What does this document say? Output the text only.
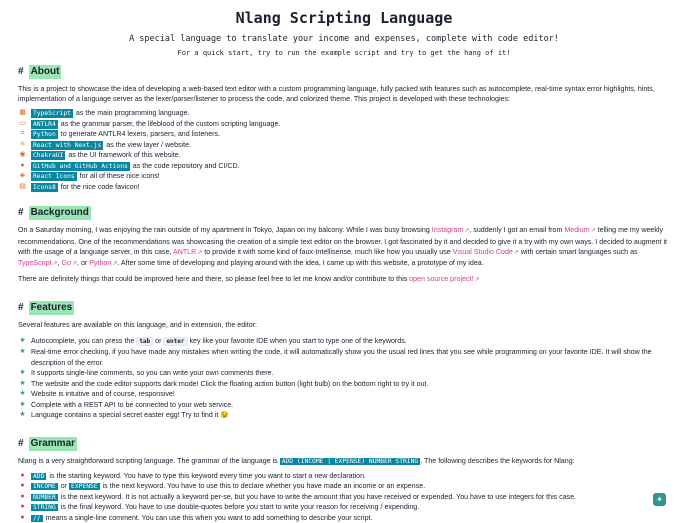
Nlang Scripting Language
A special language to translate your income and expenses, complete with code editor!
For a quick start, try to run the example script and try to get the hang of it!
# About

This is a project to showcase the idea of developing a web-based text editor with a custom programming language, fully packed with features such as autocomplete, real-time syntax error highlights, hints, implementation of a language server as the lexer/parser/listener to process the code, and colorized theme. This project is developed with these technologies:

▦	TypeScript as the main programming language.
▭	ANTLR4 as the grammar parser, the lifeblood of the custom scripting language.
⌗	Python to generate ANTLR4 lexers, parsers, and listeners.
⚛	React with Next.js as the view layer / website.
◉	ChakraUI as the UI framework of this website.
●	GitHub and GitHub Actions as the code repository and CI/CD.
◈	React Icons for all of these nice icons!
▤	Icons8 for the nice code favicon!
# Background

On a Saturday morning, I was enjoying the rain outside of my apartment in Tokyo, Japan on my balcony. While I was busy browsing Instagram↗, suddenly I got an email from Medium↗ telling me my weekly recommendations. One of the recommendations was showcasing the creation of a simple text editor on the browser. I got fascinated by it and decided to give it a try with my own ways. I decided to augment it with the usage of a language server, in this case, ANTLR↗ to provide it with some kind of faux-Intellisense, much like how you usually use Visual Studio Code↗ with certain smart languages such as TypeScript↗, Go↗, or Python↗. After some time of developing and playing around with the idea, I came up with this website, a prototype of my idea.

There are definitely things that could be improved here and there, so please feel free to let me know and/or contribute to this open source project!↗

# Features

Several features are available on this language, and in extension, the editor:

★ Autocomplete, you can press the tab or enter key like your favorite IDE when you start to type one of the keywords.
★ Real-time error checking, if you have made any mistakes when writing the code, it will automatically show you the usual red lines that you see while programming on your favorite IDE. It will show the description of the error.
★ It supports single-line comments, so you can write your own comments there.
★ The website and the code editor supports dark mode! Click the floating action button (light bulb) on the bottom right to try it out.
★ Website is intuitive and of course, responsive!
★ Complete with a REST API to be connected to your web service.
★ Language contains a special secret easter egg! Try to find it 😉
# Grammar

Nlang is a very straightforward scripting language. The grammar of the language is ADD (INCOME | EXPENSE) NUMBER STRING . The following describes the keywords for Nlang:

●	ADD is the starting keyword. You have to type this keyword every time you want to start a new declaration.
●	INCOME or EXPENSE is the next keyword. You have to use this to declare whether you have made an income or an expense.
●	NUMBER is the next keyword. It is not actually a keyword per-se, but you have to write the amount that you have received or expended. You have to use integers for this case.
●	STRING is the final keyword. You have to use double-quotes before you start to write your reason for receiving / expending.
●	// means a single-line comment. You can use this when you want to add something to describe your script.
✦
